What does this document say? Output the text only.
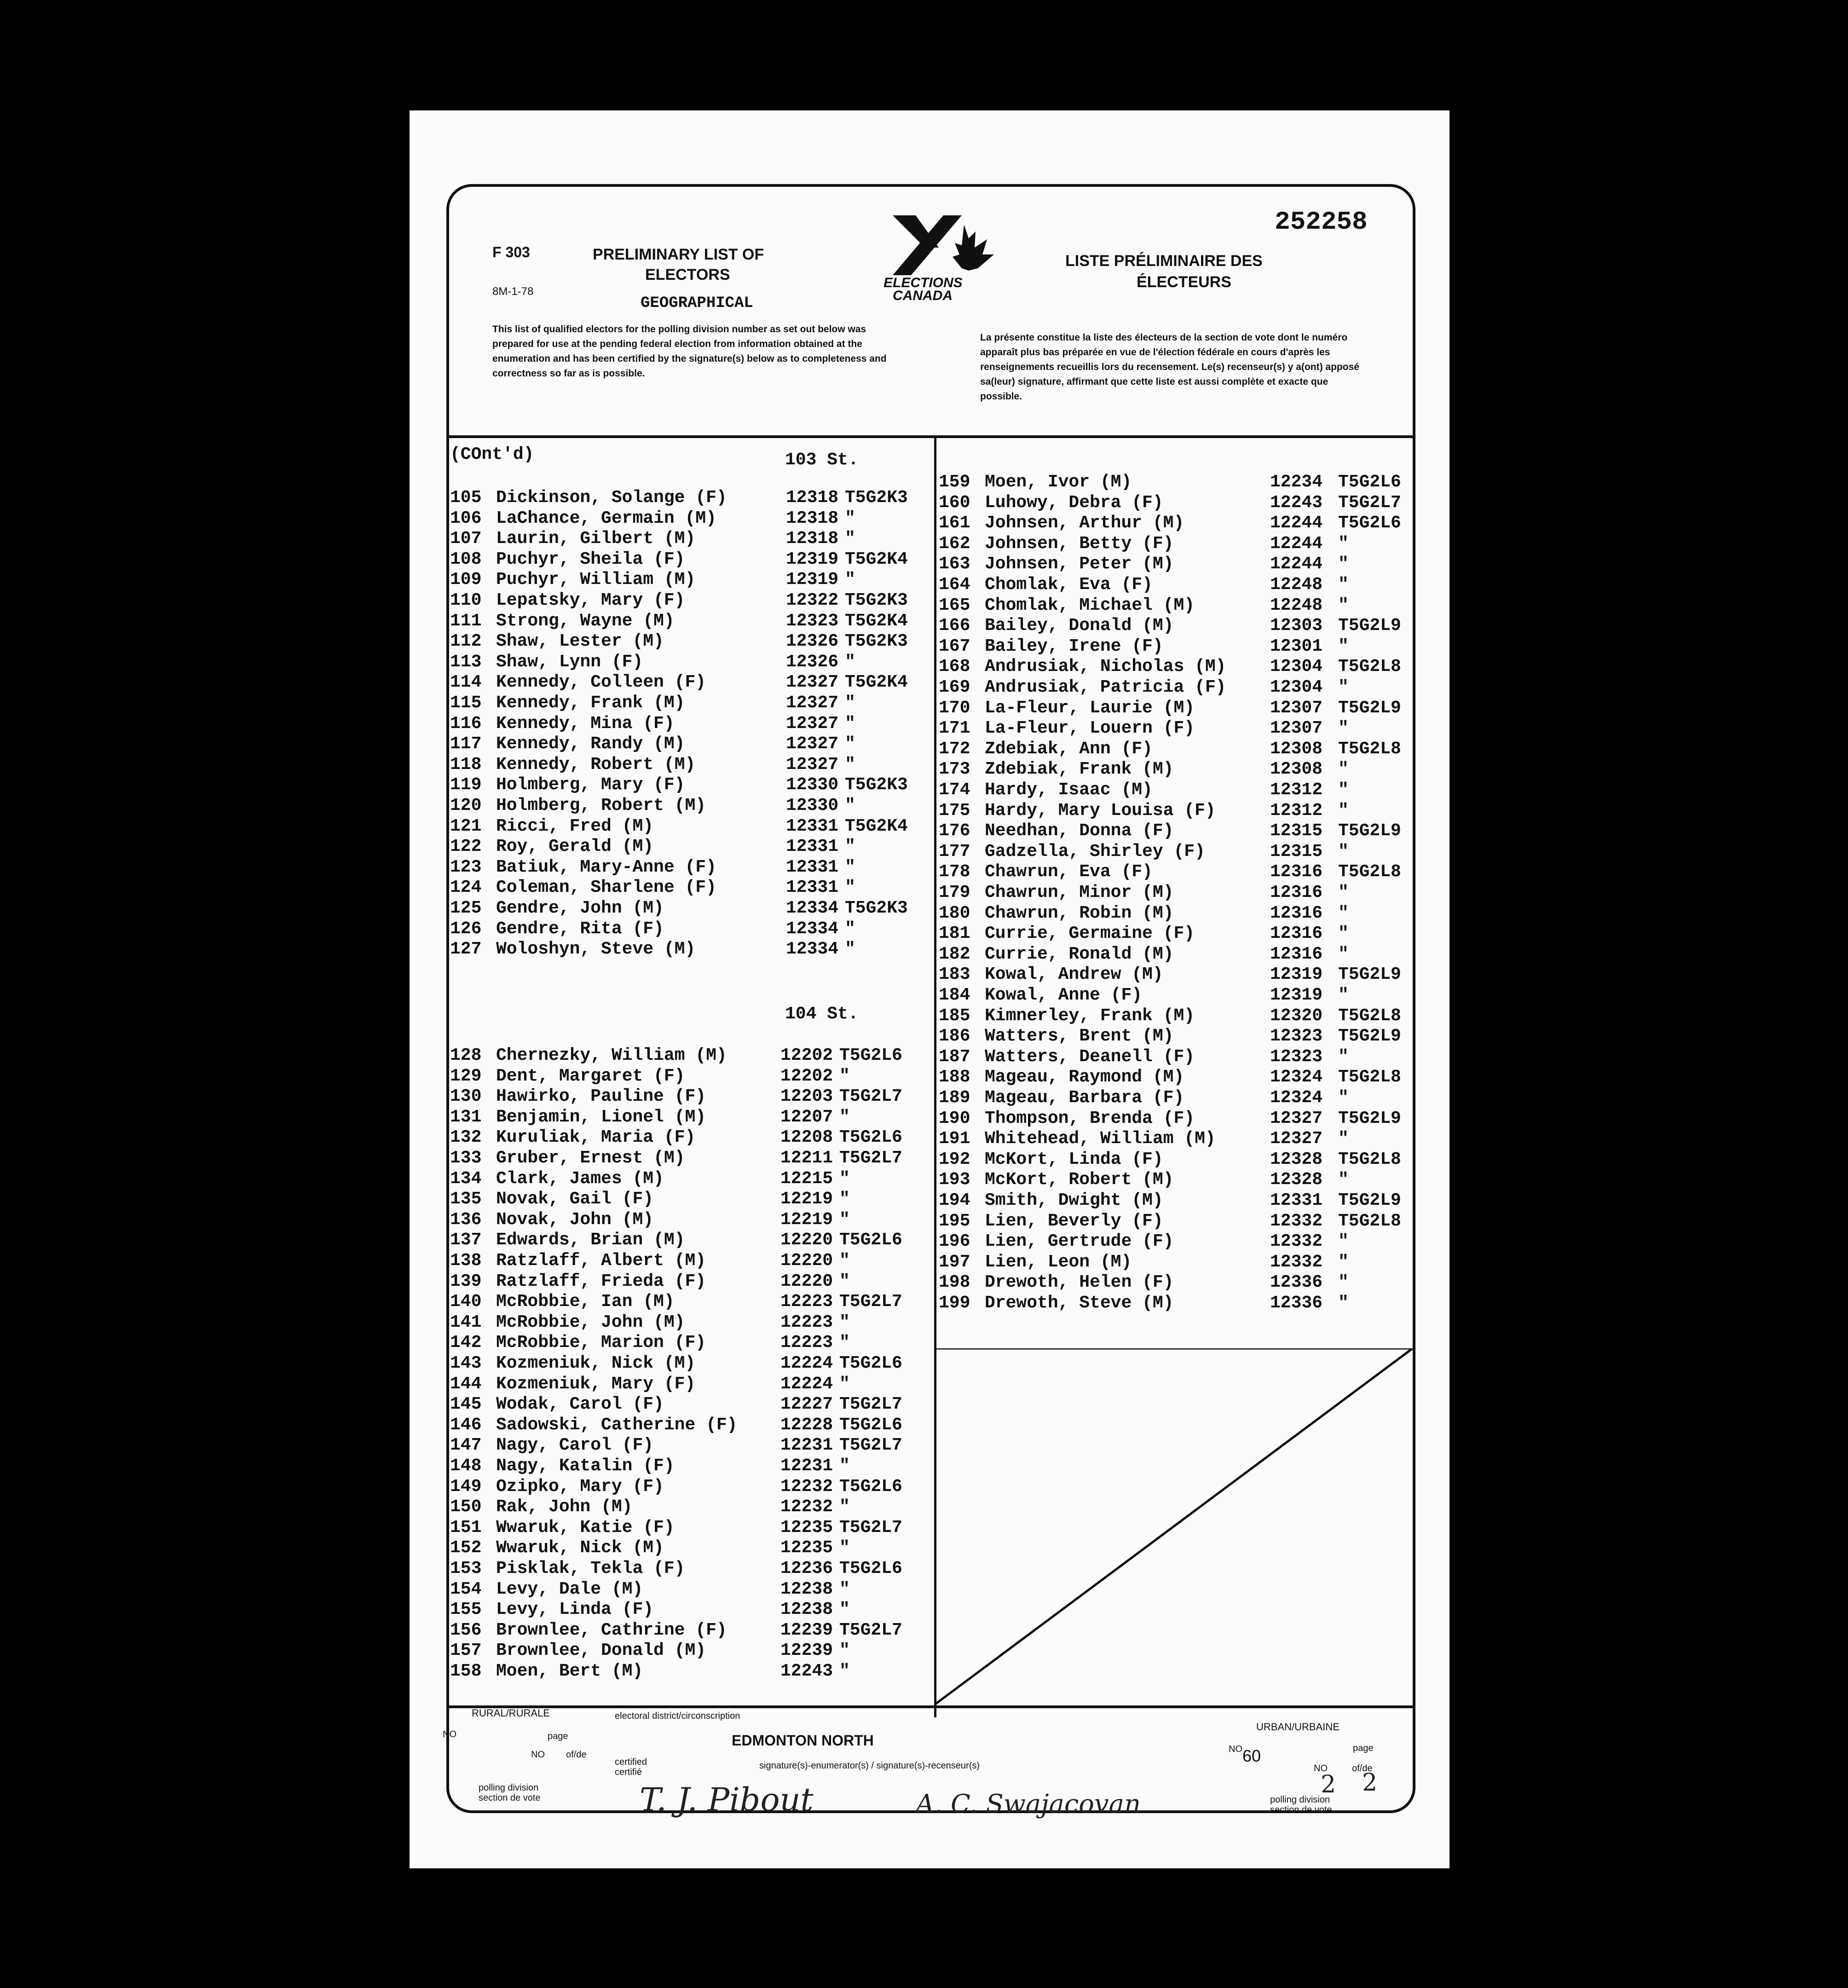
F 303
8M-1-78
PRELIMINARY LIST OF
ELECTORS
GEOGRAPHICAL
ELECTIONS
CANADA
LISTE PRÉLIMINAIRE DES
ÉLECTEURS
252258
This list of qualified electors for the polling division number as set out below was prepared for use at the pending federal election from information obtained at the enumeration and has been certified by the signature(s) below as to completeness and correctness so far as is possible.
La présente constitue la liste des électeurs de la section de vote dont le numéro apparaît plus bas préparée en vue de l'élection fédérale en cours d'après les renseignements recueillis lors du recensement. Le(s) recenseur(s) y a(ont) apposé sa(leur) signature, affirmant que cette liste est aussi complète et exacte que possible.
(COnt'd)	103 St.
105 Dickinson, Solange (F)	12318 T5G2K3
106 LaChance, Germain (M)	12318 "
107 Laurin, Gilbert (M)	12318 "
108 Puchyr, Sheila (F)	12319 T5G2K4
109 Puchyr, William (M)	12319 "
110 Lepatsky, Mary (F)	12322 T5G2K3
111 Strong, Wayne (M)	12323 T5G2K4
112 Shaw, Lester (M)	12326 T5G2K3
113 Shaw, Lynn (F)	12326 "
114 Kennedy, Colleen (F)	12327 T5G2K4
115 Kennedy, Frank (M)	12327 "
116 Kennedy, Mina (F)	12327 "
117 Kennedy, Randy (M)	12327 "
118 Kennedy, Robert (M)	12327 "
119 Holmberg, Mary (F)	12330 T5G2K3
120 Holmberg, Robert (M)	12330 "
121 Ricci, Fred (M)	12331 T5G2K4
122 Roy, Gerald (M)	12331 "
123 Batiuk, Mary-Anne (F)	12331 "
124 Coleman, Sharlene (F)	12331 "
125 Gendre, John (M)	12334 T5G2K3
126 Gendre, Rita (F)	12334 "
127 Woloshyn, Steve (M)	12334 "
104 St.
128 Chernezky, William (M)	12202 T5G2L6
129 Dent, Margaret (F)	12202 "
130 Hawirko, Pauline (F)	12203 T5G2L7
131 Benjamin, Lionel (M)	12207 "
132 Kuruliak, Maria (F)	12208 T5G2L6
133 Gruber, Ernest (M)	12211 T5G2L7
134 Clark, James (M)	12215 "
135 Novak, Gail (F)	12219 "
136 Novak, John (M)	12219 "
137 Edwards, Brian (M)	12220 T5G2L6
138 Ratzlaff, Albert (M)	12220 "
139 Ratzlaff, Frieda (F)	12220 "
140 McRobbie, Ian (M)	12223 T5G2L7
141 McRobbie, John (M)	12223 "
142 McRobbie, Marion (F)	12223 "
143 Kozmeniuk, Nick (M)	12224 T5G2L6
144 Kozmeniuk, Mary (F)	12224 "
145 Wodak, Carol (F)	12227 T5G2L7
146 Sadowski, Catherine (F) 12228 T5G2L6
147 Nagy, Carol (F)	12231 T5G2L7
148 Nagy, Katalin (F)	12231 "
149 Ozipko, Mary (F)	12232 T5G2L6
150 Rak, John (M)	12232 "
151 Wwaruk, Katie (F)	12235 T5G2L7
152 Wwaruk, Nick (M)	12235 "
153 Pisklak, Tekla (F)	12236 T5G2L6
154 Levy, Dale (M)	12238 "
155 Levy, Linda (F)	12238 "
156 Brownlee, Cathrine (F)	12239 T5G2L7
157 Brownlee, Donald (M)	12239 "
158 Moen, Bert (M)	12243 "
159 Moen, Ivor (M)	12234 T5G2L6
160 Luhowy, Debra (F)	12243 T5G2L7
161 Johnsen, Arthur (M)	12244 T5G2L6
162 Johnsen, Betty (F)	12244 "
163 Johnsen, Peter (M)	12244 "
164 Chomlak, Eva (F)	12248 "
165 Chomlak, Michael (M)	12248 "
166 Bailey, Donald (M)	12303 T5G2L9
167 Bailey, Irene (F)	12301 "
168 Andrusiak, Nicholas (M)	12304 T5G2L8
169 Andrusiak, Patricia (F)	12304 "
170 La-Fleur, Laurie (M)	12307 T5G2L9
171 La-Fleur, Louern (F)	12307 "
172 Zdebiak, Ann (F)	12308 T5G2L8
173 Zdebiak, Frank (M)	12308 "
174 Hardy, Isaac (M)	12312 "
175 Hardy, Mary Louisa (F)	12312 "
176 Needhan, Donna (F)	12315 T5G2L9
177 Gadzella, Shirley (F)	12315 "
178 Chawrun, Eva (F)	12316 T5G2L8
179 Chawrun, Minor (M)	12316 "
180 Chawrun, Robin (M)	12316 "
181 Currie, Germaine (F)	12316 "
182 Currie, Ronald (M)	12316 "
183 Kowal, Andrew (M)	12319 T5G2L9
184 Kowal, Anne (F)	12319 "
185 Kimnerley, Frank (M)	12320 T5G2L8
186 Watters, Brent (M)	12323 T5G2L9
187 Watters, Deanell (F)	12323 "
188 Mageau, Raymond (M)	12324 T5G2L8
189 Mageau, Barbara (F)	12324 "
190 Thompson, Brenda (F)	12327 T5G2L9
191 Whitehead, William (M)	12327 "
192 McKort, Linda (F)	12328 T5G2L8
193 McKort, Robert (M)	12328 "
194 Smith, Dwight (M)	12331 T5G2L9
195 Lien, Beverly (F)	12332 T5G2L8
196 Lien, Gertrude (F)	12332 "
197 Lien, Leon (M)	12332 "
198 Drewoth, Helen (F)	12336 "
199 Drewoth, Steve (M)	12336 "
RURAL/RURALE
NO	page
NO of/de
polling division
section de vote
electoral district/circonscription
EDMONTON NORTH
certified
certifié
signature(s)-enumerator(s) / signature(s)-recenseur(s)
T. J. Pibout	A. C. Swajacovan
URBAN/URBAINE
NO 60	page
NO	of/de
2 2
polling division
section de vote
